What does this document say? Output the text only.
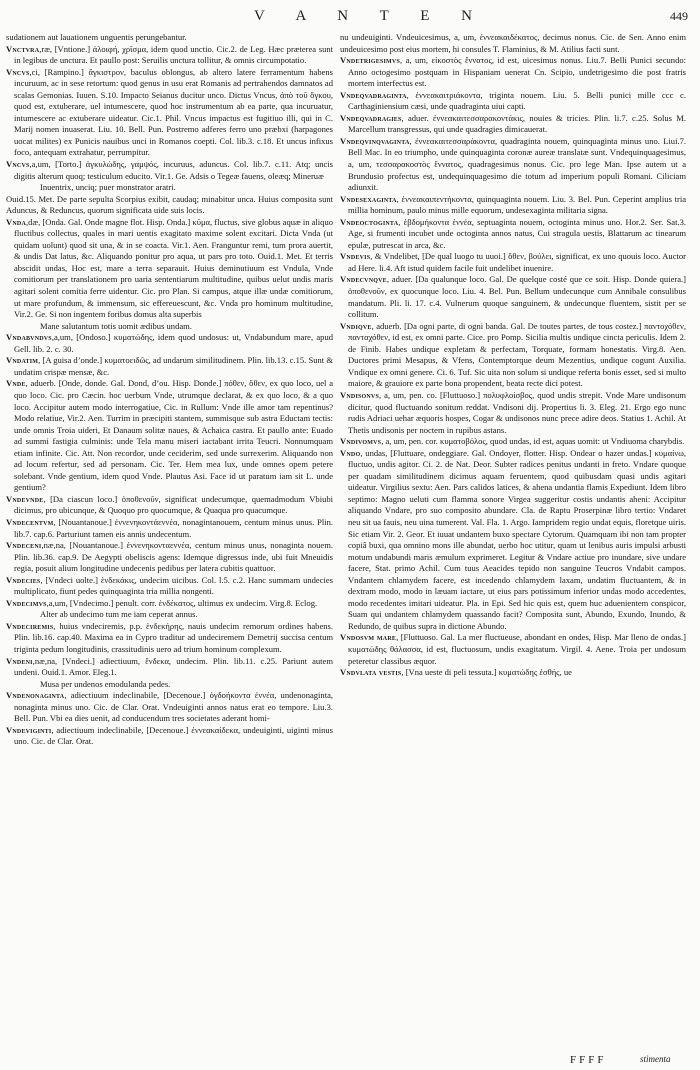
V A N T E N	449
sudationem aut lauationem unguentis perungebantur.
Vnctvra,ræ, [Vntione.] ἀλοιφή, χρῖσμα, idem quod unctio. Cic.2. de Leg. Hæc præterea sunt in legibus de unctura. Et paullo post: Seruilis unctura tollitur, & omnis circumpotatio.
Vncvs,ci, [Rampino.] ἄγκιστρον, baculus oblongus, ab altero latere ferramentum habens incuruum, ac in sese retortum: quod genus in usu erat Romanis ad pertrahendos damnatos ad scalas Gemonias. Iuuen. S.10. Impacto Seianus ducitur unco. Dictus Vncus, ἀπὸ τοῦ ὄγκου, quod est, extuberare, uel intumescere, quod hoc instrumentum ab ea parte, qua incuruatur, intumescere ac extuberare uideatur. Cic.1. Phil. Vncus impactus est fugitiuo illi, qui in C. Marij nomen inuaserat. Liu. 10. Bell. Pun. Postremo adferes ferro uno præbxi (harpagones uocat milites) ex Punicis nauibus unci in Romanos coepti. Col. lib.3. c.18. Et uncus infixus foco, antequam extrahatur, perrumpitur.
Vncvs,a,um, [Torto.] ἀγκυλώδης, γαμψός, incuruus, aduncus. Col. lib.7. c.11. Atq; uncis digitis alterum quoq; testiculum educito. Vir.1. Ge. Adsis o Tegeæ fauens, oleæq; Mineruæ
Inuentrix, unciq; puer monstrator aratri.
Ouid.15. Met. De parte sepulta Scorpius exibit, caudaq; minabitur unca. Huius composita sunt Aduncus, & Reduncus, quorum significata uide suis locis.
Vnda,dæ, [Onda. Gal. Onde magne flot. Hisp. Onda.] κῦμα, fluctus, sive globus aquæ in aliquo fluctibus collectus, quales in mari uentis exagitato maxime solent excitari. Dicta Vnda (ut quidam uolunt) quod sit una, & in se coacta. Vir.1. Aen. Franguntur remi, tum prora auertit, & undis Dat latus, &c. Aliquando ponitur pro aqua, ut pars pro toto. Ouid.1. Met. Et terris abscidit undas, Hoc est, mare a terra separauit. Huius deminutiuum est Vndula, Vnde comitiorum per translationem pro uaria sententiarum multitudine, quibus uelut undis maris agitari solent comitia ferre uidentur. Cic. pro Plan. Si campus, atque illæ undæ comitiorum, ut mare profundum, & immensum, sic effereuescunt, &c. Vnda pro hominum multitudine, Vir.2. Ge. Si non ingentem foribus domus alta superbis
Mane salutantum totis uomit ædibus undam.
Vndabvndvs,a,um, [Ondoso.] κυματώδης, idem quod undosus: ut, Vndabundum mare, apud Gell. lib. 2. c. 30.
Vndatim, [A guisa d’onde.] κυματοειδῶς, ad undarum similitudinem. Plin. lib.13. c.15. Sunt & undatim crispæ mensæ, &c.
Vnde, aduerb. [Onde, donde. Gal. Dond, d’ou. Hisp. Donde.] πόθεν, ὅθεν, ex quo loco, uel a quo loco. Cic. pro Cæcin. hoc uerbum Vnde, utrumque declarat, & ex quo loco, & a quo loco. Accipitur autem modo interrogatiue, Cic. in Rullum: Vnde ille amor tam repentinus? Modo relatiue, Vir.2. Aen. Turrim in præcipiti stantem, summisque sub astra Eductam tectis: unde omnis Troia uideri, Et Danaum solitæ naues, & Achaica castra. Et paullo ante: Euado ad summi fastigia culminis: unde Tela manu miseri iactabant irrita Teucri. Nonnumquam etiam infinite. Cic. Att. Non recordor, unde ceciderim, sed unde surrexerim. Aliquando non ad locum refertur, sed ad personam. Cic. Ter. Hem mea lux, unde omnes opem petere solebant. Vnde gentium, idem quod Vnde. Plautus Asi. Face id ut paratum iam sit L. unde gentium?
Vndevnde, [Da ciascun loco.] ὁποθενοῦν, significat undecumque, quemadmodum Vbiubi dicimus, pro ubicunque, & Quoquo pro quocumque, & Quaqua pro quacumque.
Vndecentvm, [Nouantanoue.] ἐννενηκοντάεννέα, nonagintanouem, centum minus unus. Plin. lib.7. cap.6. Parturiunt tamen eis annis undecentum.
Vndeceni,næ,na, [Nouantanoue.] ἐννενηκονταεννέα, centum minus unus, nonaginta nouem. Plin. lib.36. cap.9. De Aegypti obeliscis agens: Idemque digressus inde, ubi fuit Mneuidis regia, posuit alium longitudine undecenis pedibus per latera cubitis quattuor.
Vndecies, [Vndeci uolte.] ἑνδεκάκις, undecim uicibus. Col. l.5. c.2. Hanc summam undecies multiplicato, fiunt pedes quinquaginta tria millia nongenti.
Vndecimvs,a,um, [Vndecimo.] penult. corr. ἑνδέκατος, ultimus ex undecim. Virg.8. Eclog.
Alter ab undecimo tum me iam ceperat annus.
Vndeciremis, huius vndeciremis, p.p. ἑνδεκήρης, nauis undecim remorum ordines habens. Plin. lib.16. cap.40. Maxima ea in Cypro traditur ad undeciremem Demetrij succisa centum triginta pedum longitudinis, crassitudinis uero ad trium hominum complexum.
Vndeni,næ,na, [Vndeci.] adiectiuum, ἕνδεκα, undecim. Plin. lib.11. c.25. Pariunt autem undeni. Ouid.1. Amor. Eleg.1.
Musa per undenos emodulanda pedes.
Vndenonaginta, adiectiuum indeclinabile, [Decenoue.] ὀγδοήκοντα ἐννέα, undenonaginta, nonaginta minus uno. Cic. de Clar. Orat. Vndeuiginti annos natus erat eo tempore. Liu.3. Bell. Pun. Vbi ea dies uenit, ad conducendum tres societates aderant homi-
Vndeviginti, adiectiuum indeclinabile, [Decenoue.] ἐννεακαίδεκα, undeuiginti, uiginti minus uno. Cic. de Clar. Orat.
nu undeuiginti. Vndeuicesimus, a, um, ἐννεακαιδέκατος, decimus nonus. Cic. de Sen. Anno enim undeuicesimo post eius mortem, hi consules T. Flaminius, & M. Atilius facti sunt.
Vndetrigesimvs, a, um, εἰκοστὸς ἔννατος, id est, uicesimus nonus. Liu.7. Belli Punici secundo: Anno octogesimo postquam in Hispaniam uenerat Cn. Scipio, undetrigesimo die post fratris mortem interfectus est.
Vndeqvadraginta, ἐννεακαιτριάκοντα, triginta nouem. Liu. 5. Belli punici mille ccc c. Carthaginiensium cæsi, unde quadraginta uiui capti.
Vndeqvadragies, aduer. ἐννεακαιτεσσαρακοντάκις, nouies & tricies. Plin. li.7. c.25. Solus M. Marcellum transgressus, qui unde quadragies dimicauerat.
Vndeqvinqvaginta, ἐννεακαιτεσσαράκοντα, quadraginta nouem, quinquaginta minus uno. Liui.7. Bell Mac. In eo triumpho, unde quinquaginta coronæ aureæ translatæ sunt. Vndequinquagesimus, a, um, τεσσαρακοστὸς ἔννατος, quadragesimus nonus. Cic. pro lege Man. Ipse autem ut a Brundusio profectus est, undequinquagesimo die totum ad imperium populi Romani. Ciliciam adiunxit.
Vndesexaginta, ἐννεακαιπεντήκοντα, quinquaginta nouem. Liu. 3. Bel. Pun. Ceperint amplius tria millia hominum, paulo minus mille equorum, undesexaginta militaria signa.
Vndeoctoginta, ἑβδομήκοντα ἐννέα, septuaginta nouem, octoginta minus uno. Hor.2. Ser. Sat.3. Age, si frumenti incubet unde octoginta annos natus, Cui stragula uestis, Blattarum ac tinearum epulæ, putrescat in arca, &c.
Vndevis, & Vndelibet, [De qual luogo tu uuoi.] ὅθεν, βούλει, significat, ex uno quouis loco. Auctor ad Here. li.4. Aft istud quidem facile fuit undelibet inuenire.
Vndecvnqve, aduer. [Da qualunque loco. Gal. De quelque costé que ce soit. Hisp. Donde quiera.] ὁποθενοῦν, ex quocunque loco. Liu. 4. Bel. Pun. Bellum undecunque cum Annibale consulibus mandatum. Pli. li. 17. c.4. Vulnerum quoque sanguinem, & undecunque fluentem, sistit per se collitum.
Vndiqve, aduerb. [Da ogni parte, di ogni banda. Gal. De toutes partes, de tous costez.] παντοχόθεν, πανταχόθεν, id est, ex omni parte. Cice. pro Pomp. Sicilia multis undique cincta periculis. Idem 2. de Finib. Habes undique expletam & perfectam, Torquate, formam honestatis. Virg.8. Aen. Ductores primi Mesapus, & Vfens, Contemptorque deum Mezentius, undique cogunt Auxilia. Vndique ex omni genere. Ci. 6. Tuf. Sic uita non solum si undique referta bonis esset, sed si multo maiore, & grauiore ex parte bona propendent, beata recte dici potest.
Vndisonvs, a, um, pen. co. [Fluttuoso.] πολυφλοίσβος, quod undis strepit. Vnde Mare undisonum dicitur, quod fluctuando sonitum reddat. Vndisoni dij. Propertius li. 3. Eleg. 21. Ergo ego nunc rudis Adriaci uehar æquoris hospes, Cogar & undisonos nunc prece adire deos. Statius 1. Achil. At Thetis undisonis per noctem in rupibus astans.
Vndivomvs, a, um, pen. cor. κυματοβόλος, quod undas, id est, aquas uomit: ut Vndiuoma charybdis.
Vndo, undas, [Fluttuare, ondeggiare. Gal. Ondoyer, flotter. Hisp. Ondear o hazer undas.] κυμαίνω, fluctuo, undis agitor. Ci. 2. de Nat. Deor. Subter radices penitus undanti in freto. Vndare quoque per quadam similitudinem dicimus aquam feruentem, quod quibusdam quasi undis agitari uideatur. Virgilius sextu: Aen. Pars calidos latices, & ahena undantia flamis Expediunt. Idem libro septimo: Magno ueluti cum flamma sonore Virgea suggeritur costis undantis aheni: Accipitur aliquando Vndare, pro suo composito abundare. Cla. de Raptu Proserpinæ libro tertio: Vndaret neu sit ua fauis, neu uina tumerent. Val. Fla. 1. Argo. Iampridem regio undat equis, floretque uiris. Sic etiam Vir. 2. Geor. Et iuuat undantem buxo spectare Cytorum. Quamquam ibi non tam propter copiâ buxi, qua omnino mons ille abundat, uerbo hoc utitur, quam ut lenibus auris impulsi arbusti motum undabundi maris æmulum exprimeret. Legitur & Vndare actiue pro inundare, sive undare facere, Stat. primo Achil. Cum tuus Aeacides tepido non sanguine Teucros Vndabit campos. Vndantem chlamydem facere, est incedendo chlamydem laxam, undatim fluctuantem, & in dextram modo, modo in læuam iactare, ut eius pars potissimum inferior undas modo accedentes, modo recedentes imitari uideatur. Pla. in Epi. Sed hic quis est, quem huc aduenientem conspicor, Suam qui undantem chlamydem quassando facit? Composita sunt, Abundo, Exundo, Inundo, & Redundo, de quibus supra in dictione Abundo.
Vndosvm mare, [Fluttuoso. Gal. La mer fluctueuse, abondant en ondes, Hisp. Mar lleno de ondas.] κυματώδης θάλασσα, id est, fluctuosum, undis exagitatum. Virgil. 4. Aene. Troia per undosum peteretur classibus æquor.
Vndvlata vestis, [Vna ueste di peli tessuta.] κυματώδης ἐσθής, ue
FFFF	stimenta
